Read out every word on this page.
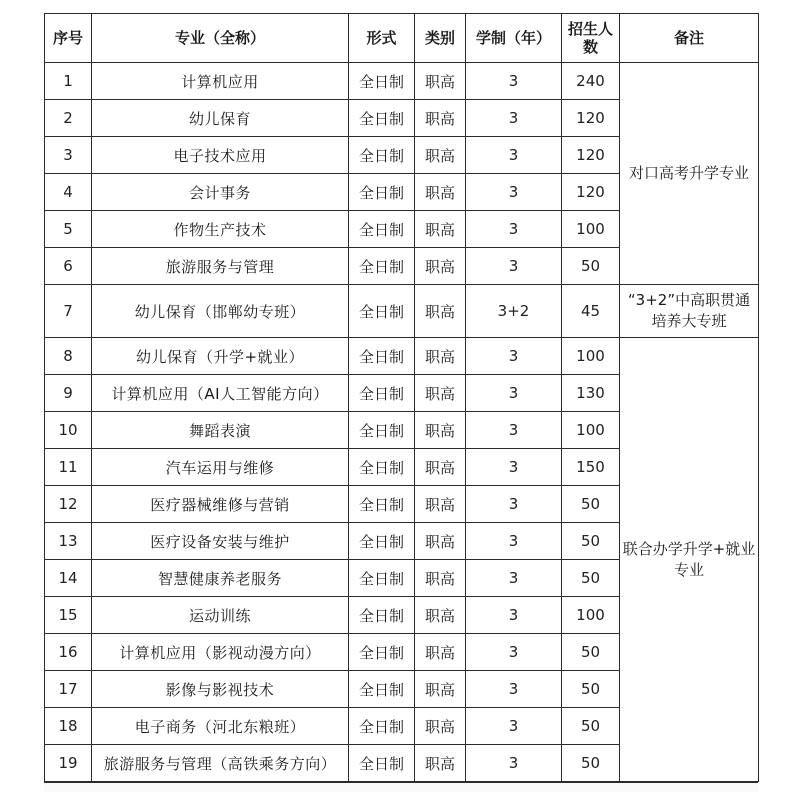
序号	专业（全称）	形式	类别	学制（年）	招生人数	备注
1	计算机应用	全日制	职高	3	240	对口高考升学专业
2	幼儿保育	全日制	职高	3	120	
3	电子技术应用	全日制	职高	3	120	
4	会计事务	全日制	职高	3	120	
5	作物生产技术	全日制	职高	3	100	
6	旅游服务与管理	全日制	职高	3	50	
7	幼儿保育（邯郸幼专班）	全日制	职高	3+2	45	“3+2”中高职贯通培养大专班
8	幼儿保育（升学+就业）	全日制	职高	3	100	联合办学升学+就业专业
9	计算机应用（AI人工智能方向）	全日制	职高	3	130	
10	舞蹈表演	全日制	职高	3	100	
11	汽车运用与维修	全日制	职高	3	150	
12	医疗器械维修与营销	全日制	职高	3	50	
13	医疗设备安装与维护	全日制	职高	3	50	
14	智慧健康养老服务	全日制	职高	3	50	
15	运动训练	全日制	职高	3	100	
16	计算机应用（影视动漫方向）	全日制	职高	3	50	
17	影像与影视技术	全日制	职高	3	50	
18	电子商务（河北东粮班）	全日制	职高	3	50	
19	旅游服务与管理（高铁乘务方向）	全日制	职高	3	50	
